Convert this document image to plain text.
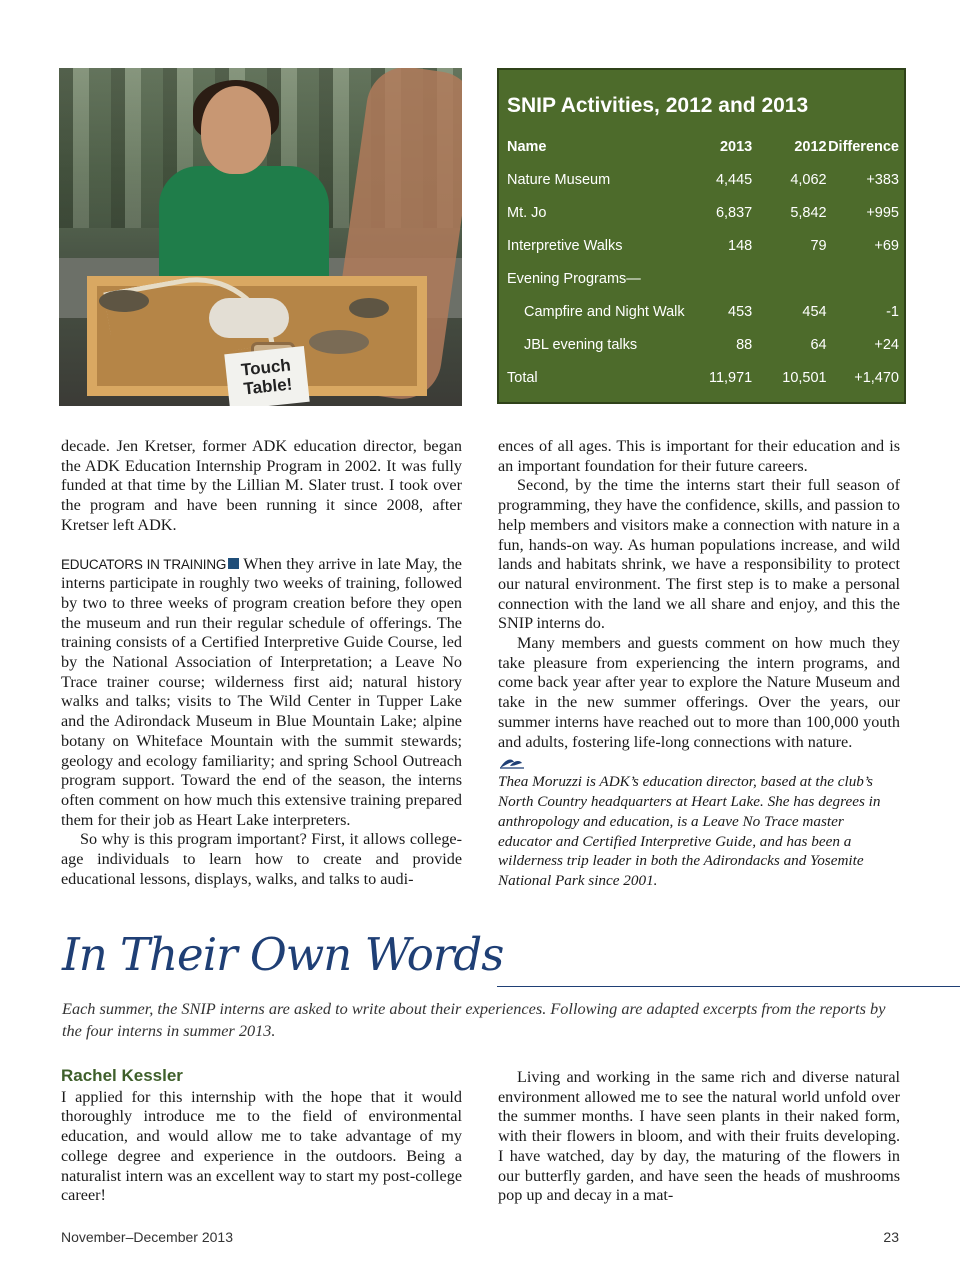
Touch Table!
SNIP Activities, 2012 and 2013
Name	2013	2012	Difference
Nature Museum	4,445	4,062	+383
Mt. Jo	6,837	5,842	+995
Interpretive Walks	148	79	+69
Evening Programs—			
Campfire and Night Walk	453	454	-1
JBL evening talks	88	64	+24
Total	11,971	10,501	+1,470

decade. Jen Kretser, former ADK education director, began the ADK Education Internship Program in 2002. It was fully funded at that time by the Lillian M. Slater trust. I took over the program and have been running it since 2008, after Kretser left ADK.

EDUCATORS IN TRAINING When they arrive in late May, the interns participate in roughly two weeks of training, followed by two to three weeks of program creation before they open the museum and run their regular schedule of offerings. The training consists of a Certified Interpretive Guide Course, led by the National Association of Interpretation; a Leave No Trace trainer course; wilderness first aid; natural history walks and talks; visits to The Wild Center in Tupper Lake and the Adirondack Museum in Blue Mountain Lake; alpine botany on Whiteface Mountain with the summit stewards; geology and ecology familiarity; and spring School Outreach program support. Toward the end of the season, the interns often comment on how much this extensive training prepared them for their job as Heart Lake interpreters.

So why is this program important? First, it allows college-age individuals to learn how to create and provide educational lessons, displays, walks, and talks to audi-

ences of all ages. This is important for their education and is an important foundation for their future careers.

Second, by the time the interns start their full season of programming, they have the confidence, skills, and passion to help members and visitors make a connection with nature in a fun, hands-on way. As human populations increase, and wild lands and habitats shrink, we have a responsibility to protect our natural environment. The first step is to make a personal connection with the land we all share and enjoy, and this the SNIP interns do.

Many members and guests comment on how much they take pleasure from experiencing the intern programs, and come back year after year to explore the Nature Museum and take in the new summer offerings. Over the years, our summer interns have reached out to more than 100,000 youth and adults, fostering life-long connections with nature.

Thea Moruzzi is ADK’s education director, based at the club’s North Country headquarters at Heart Lake. She has degrees in anthropology and education, is a Leave No Trace master educator and Certified Interpretive Guide, and has been a wilderness trip leader in both the Adirondacks and Yosemite National Park since 2001.

In Their Own Words
Each summer, the SNIP interns are asked to write about their experiences. Following are adapted excerpts from the reports by the four interns in summer 2013.
Rachel Kessler

I applied for this internship with the hope that it would thoroughly introduce me to the field of environmental education, and would allow me to take advantage of my college degree and experience in the outdoors. Being a naturalist intern was an excellent way to start my post-college career!

Living and working in the same rich and diverse natural environment allowed me to see the natural world unfold over the summer months. I have seen plants in their naked form, with their flowers in bloom, and with their fruits developing. I have watched, day by day, the maturing of the flowers in our butterfly garden, and have seen the heads of mushrooms pop up and decay in a mat-

November–December 2013	23
